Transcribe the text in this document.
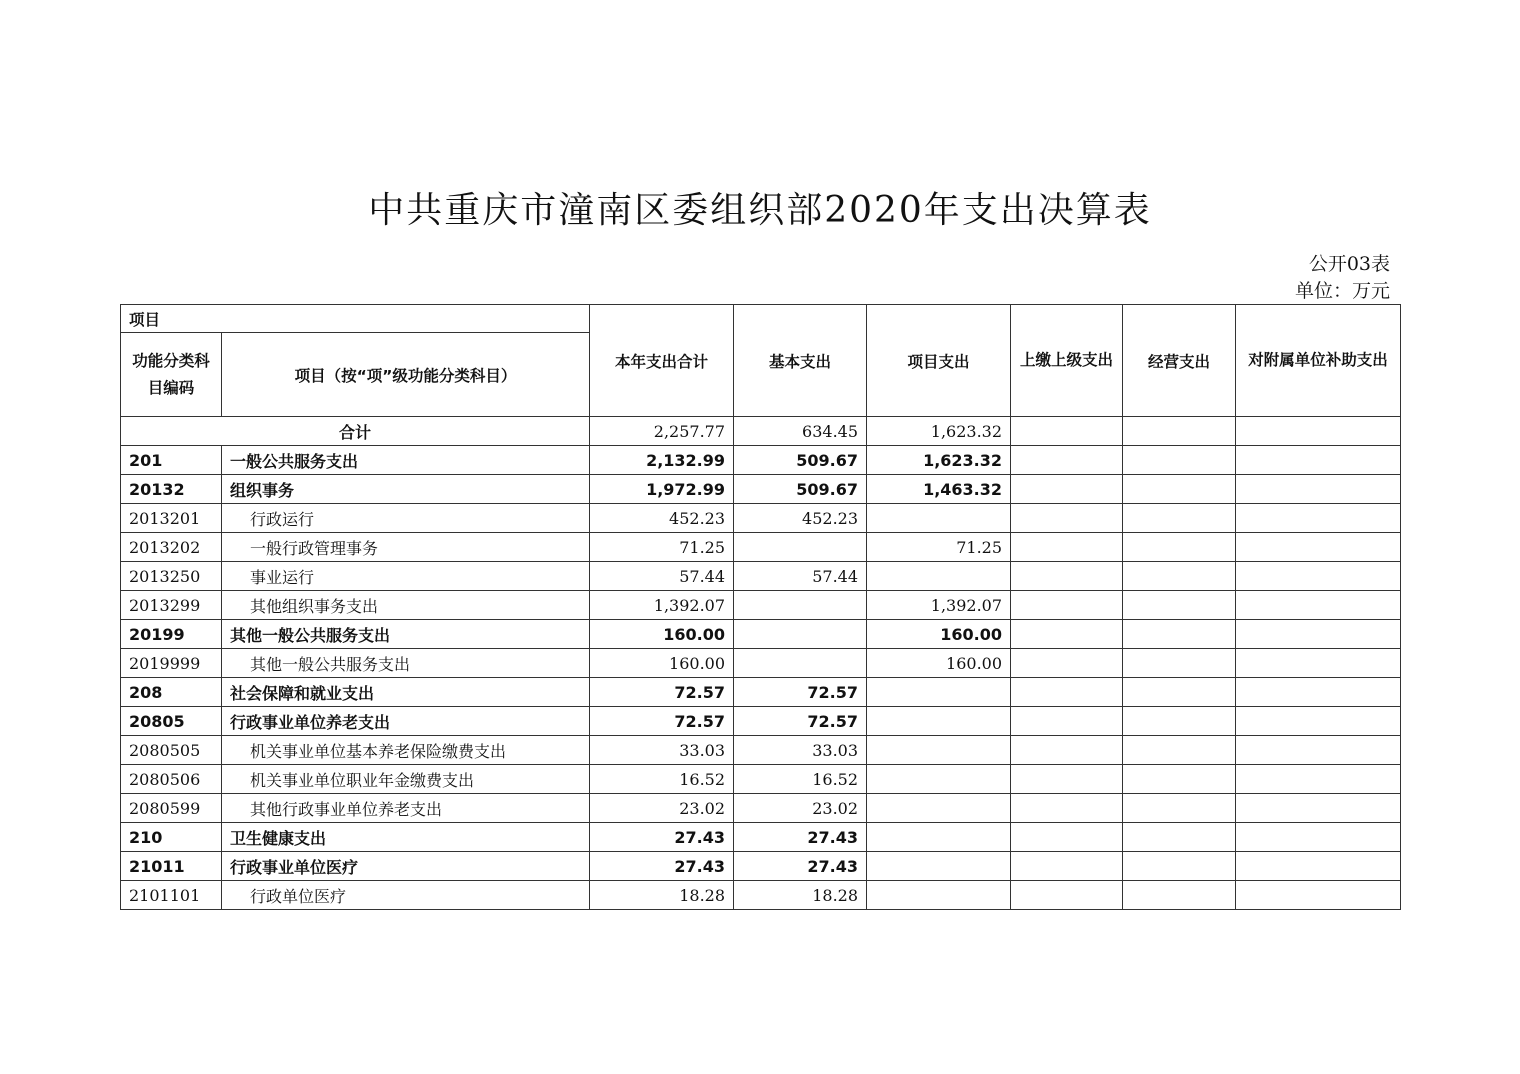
中共重庆市潼南区委组织部2020年支出决算表
公开03表
单位：万元
项目		本年支出合计	基本支出	项目支出	上缴上级支出	经营支出	对附属单位补助支出
功能分类科目编码	项目（按“项”级功能分类科目）						
合计		2,257.77	634.45	1,623.32			
201	一般公共服务支出	2,132.99	509.67	1,623.32			
20132	组织事务	1,972.99	509.67	1,463.32			
2013201	行政运行	452.23	452.23				
2013202	一般行政管理事务	71.25		71.25			
2013250	事业运行	57.44	57.44				
2013299	其他组织事务支出	1,392.07		1,392.07			
20199	其他一般公共服务支出	160.00		160.00			
2019999	其他一般公共服务支出	160.00		160.00			
208	社会保障和就业支出	72.57	72.57				
20805	行政事业单位养老支出	72.57	72.57				
2080505	机关事业单位基本养老保险缴费支出	33.03	33.03				
2080506	机关事业单位职业年金缴费支出	16.52	16.52				
2080599	其他行政事业单位养老支出	23.02	23.02				
210	卫生健康支出	27.43	27.43				
21011	行政事业单位医疗	27.43	27.43				
2101101	行政单位医疗	18.28	18.28				
